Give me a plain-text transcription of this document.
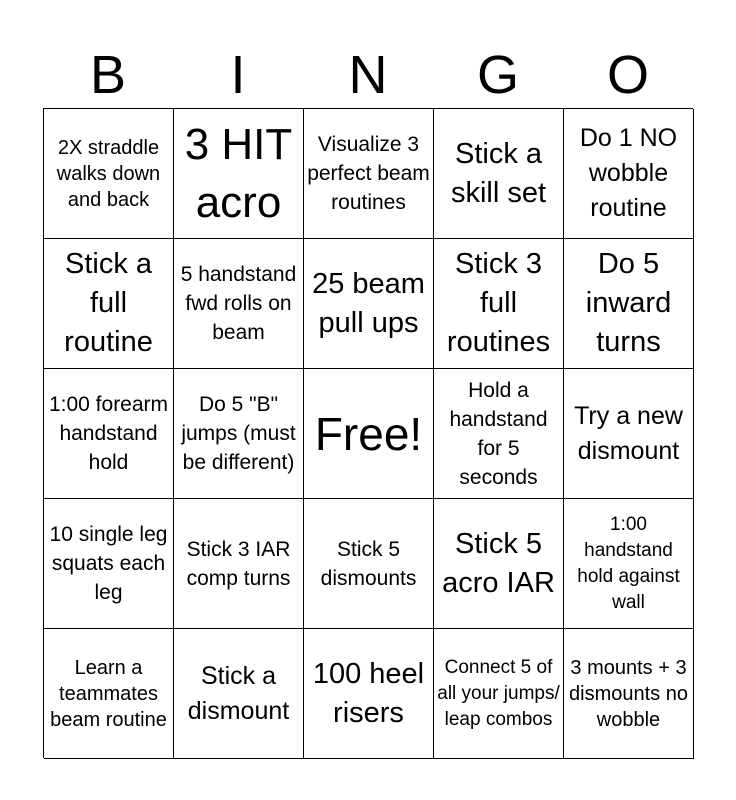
B	I	N	G	O
2X straddle walks down and back
3 HIT acro
Visualize 3 perfect beam routines
Stick a skill set
Do 1 NO wobble routine
Stick a full routine
5 handstand fwd rolls on beam
25 beam pull ups
Stick 3 full routines
Do 5 inward turns
1:00 forearm handstand hold
Do 5 "B" jumps (must be different)
Free!
Hold a handstand for 5 seconds
Try a new dismount
10 single leg squats each leg
Stick 3 IAR comp turns
Stick 5 dismounts
Stick 5 acro IAR
1:00 handstand hold against wall
Learn a teammates beam routine
Stick a dismount
100 heel risers
Connect 5 of all your jumps/ leap combos
3 mounts + 3 dismounts no wobble
